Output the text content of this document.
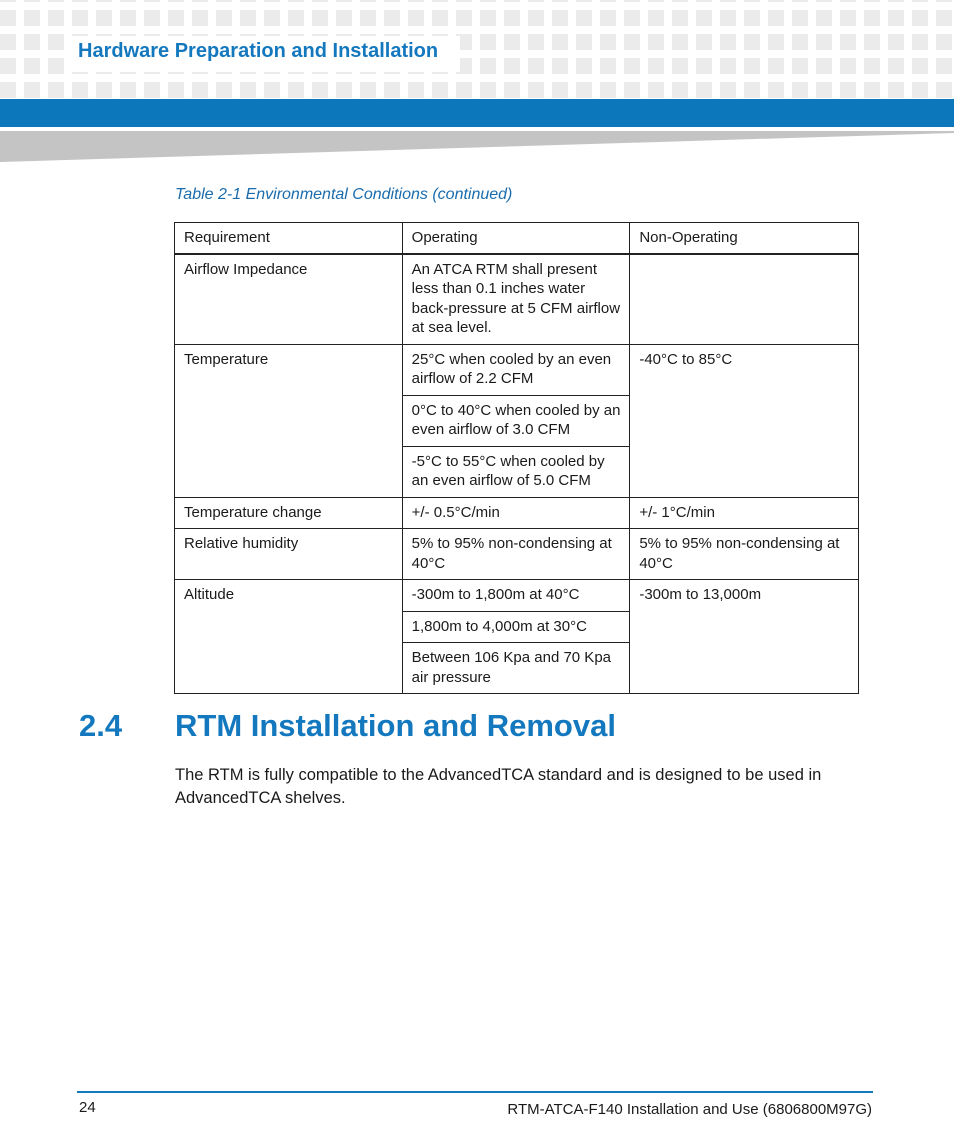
Hardware Preparation and Installation
Table 2-1 Environmental Conditions (continued)
Requirement	Operating	Non-Operating
Airflow Impedance	An ATCA RTM shall present less than 0.1 inches water back-pressure at 5 CFM airflow at sea level.	
Temperature	25°C when cooled by an even airflow of 2.2 CFM	-40°C to 85°C
	0°C to 40°C when cooled by an even airflow of 3.0 CFM	
	-5°C to 55°C when cooled by an even airflow of 5.0 CFM	
Temperature change	+/- 0.5°C/min	+/- 1°C/min
Relative humidity	5% to 95% non-condensing at 40°C	5% to 95% non-condensing at 40°C
Altitude	-300m to 1,800m at 40°C	-300m to 13,000m
	1,800m to 4,000m at 30°C	
	Between 106 Kpa and 70 Kpa air pressure	
2.4 RTM Installation and Removal

The RTM is fully compatible to the AdvancedTCA standard and is designed to be used in AdvancedTCA shelves.

24	RTM-ATCA-F140 Installation and Use (6806800M97G)
